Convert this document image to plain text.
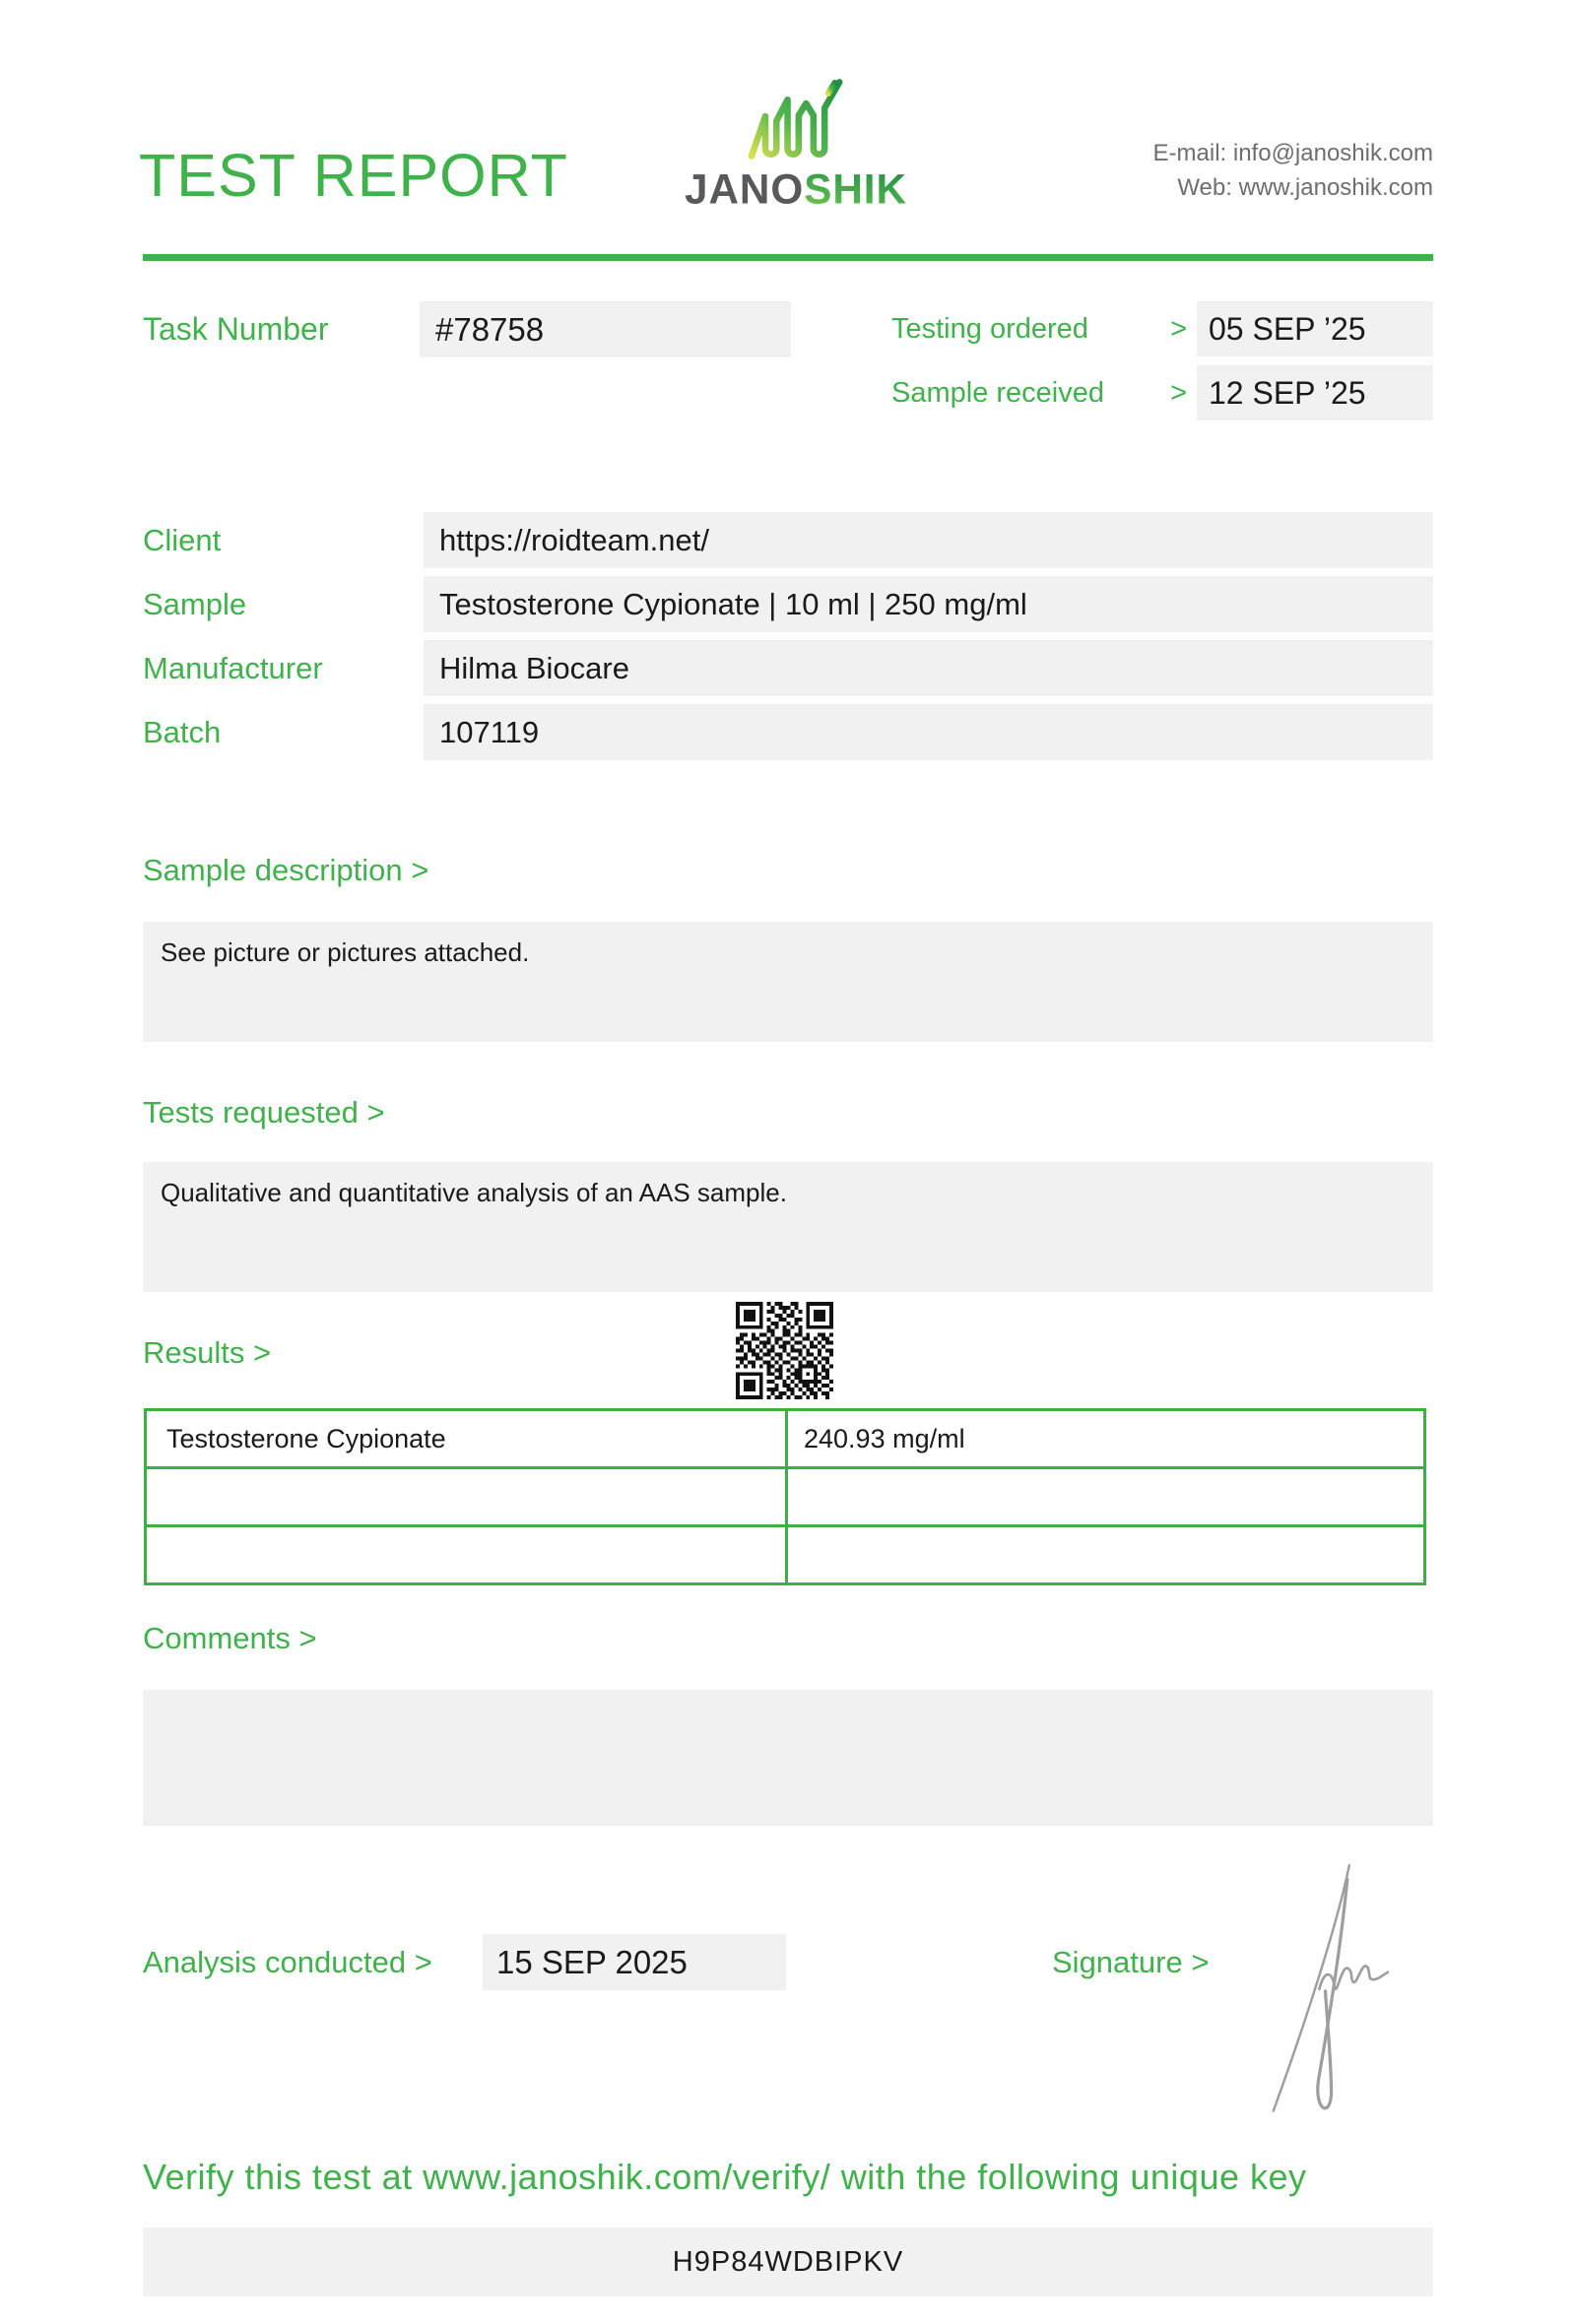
TEST REPORT	JANOSHIK
E-mail: info@janoshik.com
Web: www.janoshik.com
Task Number	#78758	Testing ordered	> 05 SEP ’25
Sample received > 12 SEP ’25
Client	https://roidteam.net/
Sample	Testosterone Cypionate | 10 ml | 250 mg/ml
Manufacturer	Hilma Biocare
Batch	107119
Sample description >
See picture or pictures attached.
Tests requested >
Qualitative and quantitative analysis of an AAS sample.
Results >
Testosterone Cypionate	240.93 mg/ml
Comments >
Analysis conducted >	15 SEP 2025	Signature >
Verify this test at www.janoshik.com/verify/ with the following unique key
H9P84WDBIPKV
